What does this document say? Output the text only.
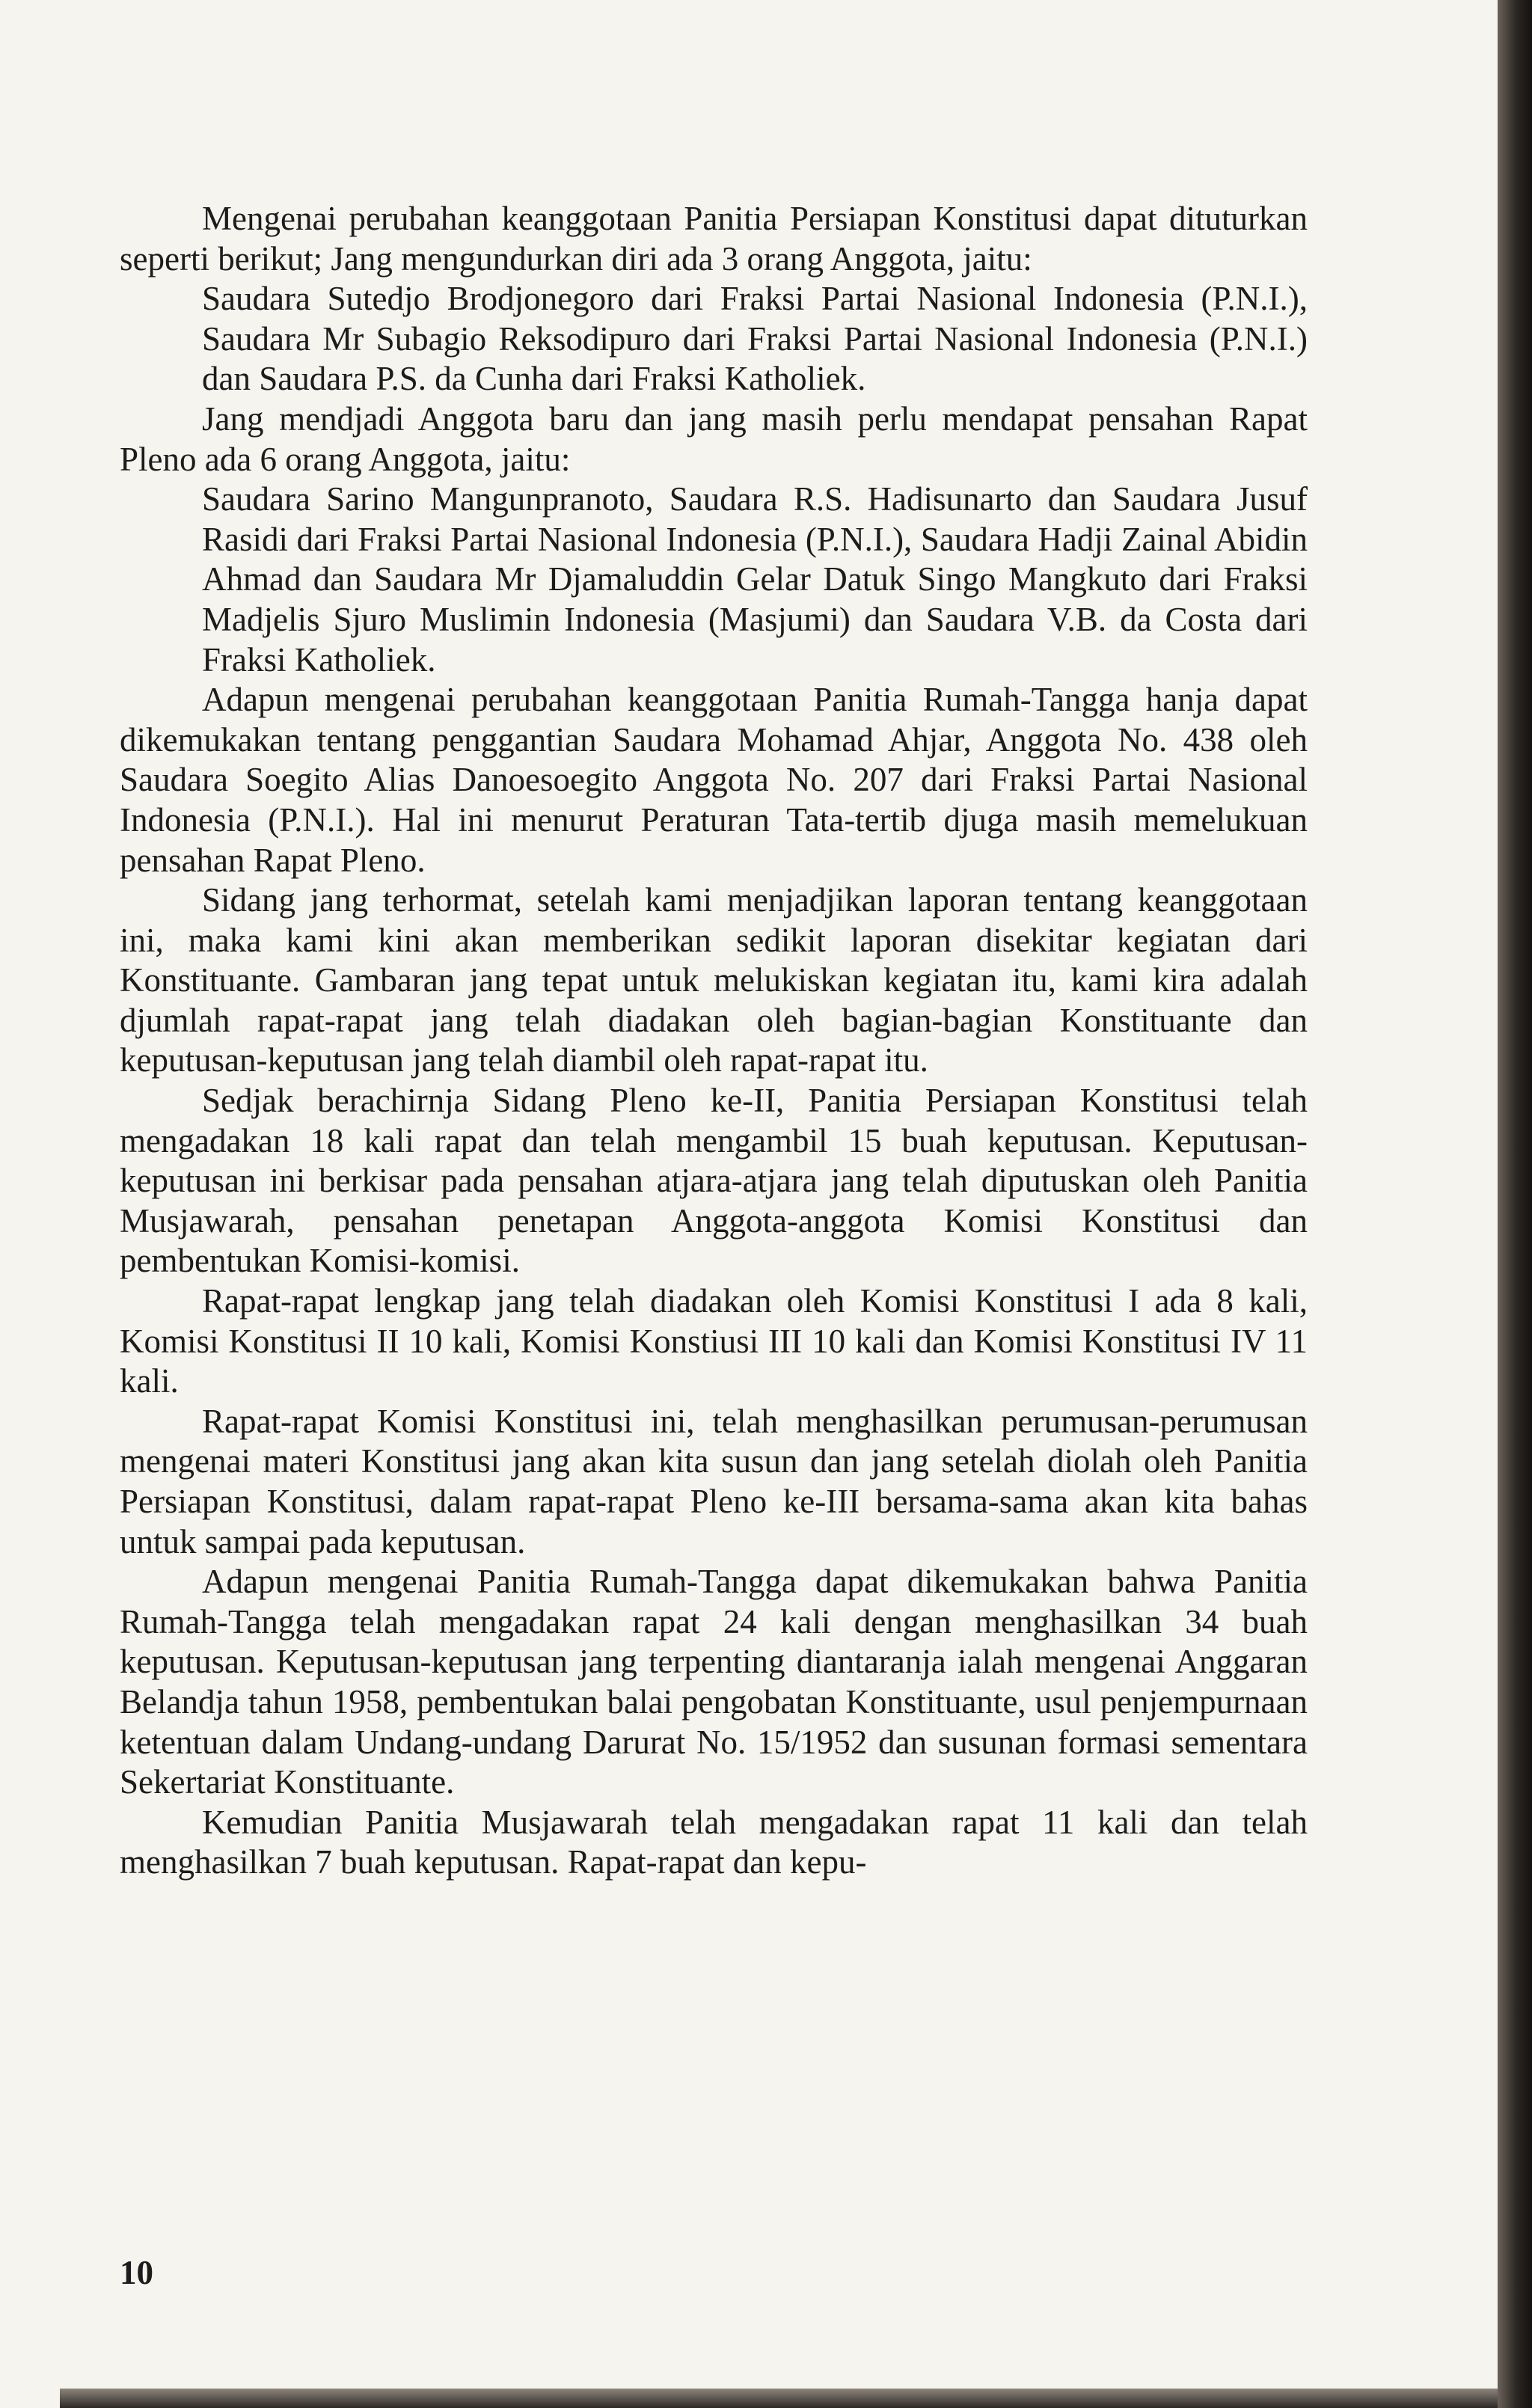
Mengenai perubahan keanggotaan Panitia Persiapan Konstitusi dapat dituturkan seperti berikut; Jang mengundurkan diri ada 3 orang Anggota, jaitu:

Saudara Sutedjo Brodjonegoro dari Fraksi Partai Nasional Indonesia (P.N.I.), Saudara Mr Subagio Reksodipuro dari Fraksi Partai Nasional Indonesia (P.N.I.) dan Saudara P.S. da Cunha dari Fraksi Katholiek.

Jang mendjadi Anggota baru dan jang masih perlu mendapat pensahan Rapat Pleno ada 6 orang Anggota, jaitu:

Saudara Sarino Mangunpranoto, Saudara R.S. Hadisunarto dan Saudara Jusuf Rasidi dari Fraksi Partai Nasional Indonesia (P.N.I.), Saudara Hadji Zainal Abidin Ahmad dan Saudara Mr Djamaluddin Gelar Datuk Singo Mangkuto dari Fraksi Madjelis Sjuro Muslimin Indonesia (Masjumi) dan Saudara V.B. da Costa dari Fraksi Katholiek.

Adapun mengenai perubahan keanggotaan Panitia Rumah-Tangga hanja dapat dikemukakan tentang penggantian Saudara Mohamad Ahjar, Anggota No. 438 oleh Saudara Soegito Alias Danoesoegito Anggota No. 207 dari Fraksi Partai Nasional Indonesia (P.N.I.). Hal ini menurut Peraturan Tata-tertib djuga masih memelukuan pensahan Rapat Pleno.

Sidang jang terhormat, setelah kami menjadjikan laporan tentang keanggotaan ini, maka kami kini akan memberikan sedikit laporan disekitar kegiatan dari Konstituante. Gambaran jang tepat untuk melukiskan kegiatan itu, kami kira adalah djumlah rapat-rapat jang telah diadakan oleh bagian-bagian Konstituante dan keputusan-keputusan jang telah diambil oleh rapat-rapat itu.

Sedjak berachirnja Sidang Pleno ke-II, Panitia Persiapan Konstitusi telah mengadakan 18 kali rapat dan telah mengambil 15 buah keputusan. Keputusan-keputusan ini berkisar pada pensahan atjara-atjara jang telah diputuskan oleh Panitia Musjawarah, pensahan penetapan Anggota-anggota Komisi Konstitusi dan pembentukan Komisi-komisi.

Rapat-rapat lengkap jang telah diadakan oleh Komisi Konstitusi I ada 8 kali, Komisi Konstitusi II 10 kali, Komisi Konstiusi III 10 kali dan Komisi Konstitusi IV 11 kali.

Rapat-rapat Komisi Konstitusi ini, telah menghasilkan perumusan-perumusan mengenai materi Konstitusi jang akan kita susun dan jang setelah diolah oleh Panitia Persiapan Konstitusi, dalam rapat-rapat Pleno ke-III bersama-sama akan kita bahas untuk sampai pada keputusan.

Adapun mengenai Panitia Rumah-Tangga dapat dikemukakan bahwa Panitia Rumah-Tangga telah mengadakan rapat 24 kali dengan menghasilkan 34 buah keputusan. Keputusan-keputusan jang terpenting diantaranja ialah mengenai Anggaran Belandja tahun 1958, pembentukan balai pengobatan Konstituante, usul penjempurnaan ketentuan dalam Undang-undang Darurat No. 15/1952 dan susunan formasi sementara Sekertariat Konstituante.

Kemudian Panitia Musjawarah telah mengadakan rapat 11 kali dan telah menghasilkan 7 buah keputusan. Rapat-rapat dan kepu-

10
